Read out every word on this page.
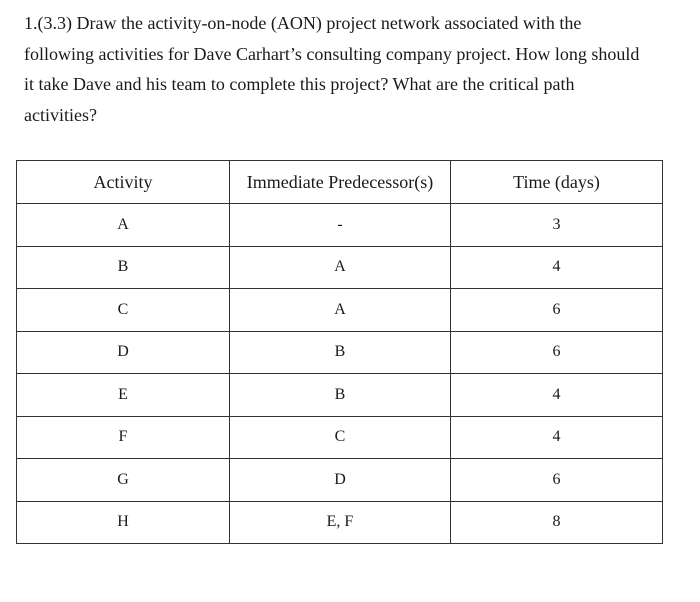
1.(3.3) Draw the activity-on-node (AON) project network associated with the
following activities for Dave Carhart’s consulting company project. How long should
it take Dave and his team to complete this project? What are the critical path
activities?

Activity	Immediate Predecessor(s)	Time (days)
A	-	3
B	A	4
C	A	6
D	B	6
E	B	4
F	C	4
G	D	6
H	E, F	8
